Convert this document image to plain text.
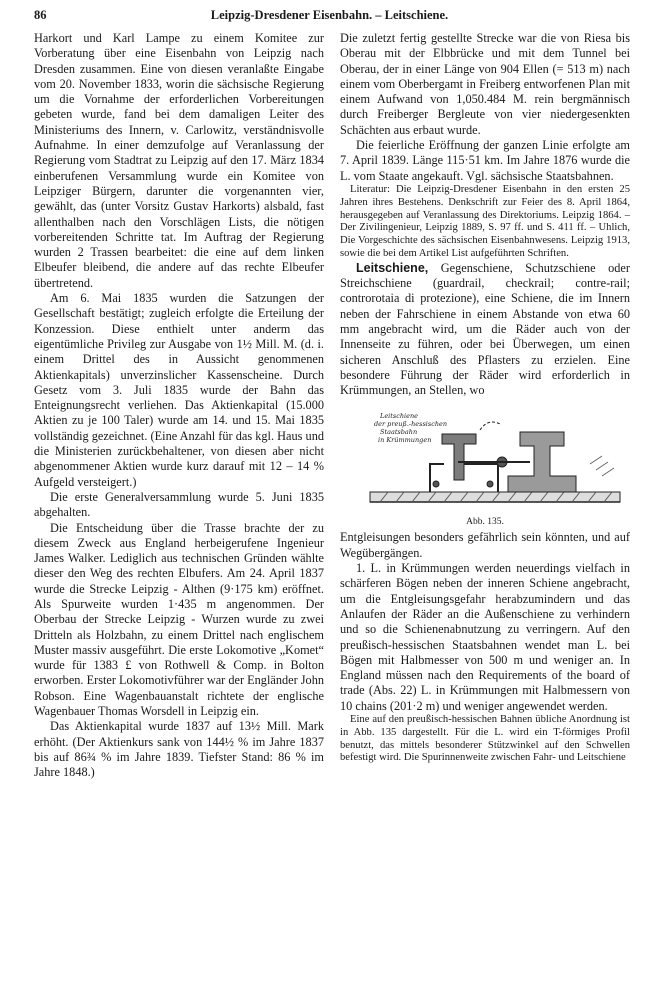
86	Leipzig-Dresdener Eisenbahn. – Leitschiene.

Harkort und Karl Lampe zu einem Komitee zur Vorberatung über eine Eisenbahn von Leipzig nach Dresden zusammen. Eine von diesen veranlaßte Eingabe vom 20. November 1833, worin die sächsische Regierung um die Vornahme der erforderlichen Vorbereitungen gebeten wurde, fand bei dem damaligen Leiter des Ministeriums des Innern, v. Carlowitz, verständnisvolle Aufnahme. In einer demzufolge auf Veranlassung der Regierung vom Stadtrat zu Leipzig auf den 17. März 1834 einberufenen Versammlung wurde ein Komitee von Leipziger Bürgern, darunter die vorgenannten vier, gewählt, das (unter Vorsitz Gustav Harkorts) alsbald, fast allenthalben nach den Vorschlägen Lists, die nötigen vorbereitenden Schritte tat. Im Auftrag der Regierung wurden 2 Trassen bearbeitet: die eine auf dem linken Elbeufer bleibend, die andere auf das rechte Elbeufer übertretend.

Am 6. Mai 1835 wurden die Satzungen der Gesellschaft bestätigt; zugleich erfolgte die Erteilung der Konzession. Diese enthielt unter anderm das eigentümliche Privileg zur Ausgabe von 1½ Mill. M. (d. i. einem Drittel des in Aussicht genommenen Aktienkapitals) unverzinslicher Kassenscheine. Durch Gesetz vom 3. Juli 1835 wurde der Bahn das Enteignungsrecht verliehen. Das Aktienkapital (15.000 Aktien zu je 100 Taler) wurde am 14. und 15. Mai 1835 vollständig gezeichnet. (Eine Anzahl für das kgl. Haus und die Ministerien zurückbehaltener, von diesen aber nicht abgenommener Aktien wurde kurz darauf mit 12 – 14 % Aufgeld versteigert.)

Die erste Generalversammlung wurde 5. Juni 1835 abgehalten.

Die Entscheidung über die Trasse brachte der zu diesem Zweck aus England herbeigerufene Ingenieur James Walker. Lediglich aus technischen Gründen wählte dieser den Weg des rechten Elbufers. Am 24. April 1837 wurde die Strecke Leipzig - Althen (9·175 km) eröffnet. Als Spurweite wurden 1·435 m angenommen. Der Oberbau der Strecke Leipzig - Wurzen wurde zu zwei Dritteln als Holzbahn, zu einem Drittel nach englischem Muster massiv ausgeführt. Die erste Lokomotive „Komet“ wurde für 1383 £ von Rothwell & Comp. in Bolton erworben. Erster Lokomotivführer war der Engländer John Robson. Eine Wagenbauanstalt richtete der englische Wagenbauer Thomas Worsdell in Leipzig ein.

Das Aktienkapital wurde 1837 auf 13½ Mill. Mark erhöht. (Der Aktienkurs sank von 144½ % im Jahre 1837 bis auf 86¾ % im Jahre 1839. Tiefster Stand: 86 % im Jahre 1848.)

Die zuletzt fertig gestellte Strecke war die von Riesa bis Oberau mit der Elbbrücke und mit dem Tunnel bei Oberau, der in einer Länge von 904 Ellen (= 513 m) nach einem vom Oberbergamt in Freiberg entworfenen Plan mit einem Aufwand von 1,050.484 M. rein bergmännisch durch Freiberger Bergleute von vier niedergesenkten Schächten aus erbaut wurde.

Die feierliche Eröffnung der ganzen Linie erfolgte am 7. April 1839. Länge 115·51 km. Im Jahre 1876 wurde die L. vom Staate angekauft. Vgl. sächsische Staatsbahnen.

Literatur: Die Leipzig-Dresdener Eisenbahn in den ersten 25 Jahren ihres Bestehens. Denkschrift zur Feier des 8. April 1864, herausgegeben auf Veranlassung des Direktoriums. Leipzig 1864. – Der Zivilingenieur, Leipzig 1889, S. 97 ff. und S. 411 ff. – Uhlich, Die Vorgeschichte des sächsischen Eisenbahnwesens. Leipzig 1913, sowie die bei dem Artikel List aufgeführten Schriften.

Leitschiene, Gegenschiene, Schutzschiene oder Streichschiene (guardrail, checkrail; contre-rail; controrotaia di protezione), eine Schiene, die im Innern neben der Fahrschiene in einem Abstande von etwa 60 mm angebracht wird, um die Räder auch von der Innenseite zu führen, oder bei Überwegen, um einen sicheren Anschluß des Pflasters zu erzielen. Eine besondere Führung der Räder wird erforderlich in Krümmungen, an Stellen, wo

Leitschiene
der preuß.-hessischen
Staatsbahn
in Krümmungen
Abb. 135.

Entgleisungen besonders gefährlich sein könnten, und auf Wegübergängen.

1. L. in Krümmungen werden neuerdings vielfach in schärferen Bögen neben der inneren Schiene angebracht, um die Entgleisungsgefahr herabzumindern und das Anlaufen der Räder an die Außenschiene zu verhindern und so die Schienenabnutzung zu verringern. Auf den preußisch-hessischen Staatsbahnen wendet man L. bei Bögen mit Halbmesser von 500 m und weniger an. In England müssen nach den Requirements of the board of trade (Abs. 22) L. in Krümmungen mit Halbmessern von 10 chains (201·2 m) und weniger angewendet werden.

Eine auf den preußisch-hessischen Bahnen übliche Anordnung ist in Abb. 135 dargestellt. Für die L. wird ein T-förmiges Profil benutzt, das mittels besonderer Stützwinkel auf den Schwellen befestigt wird. Die Spurinnenweite zwischen Fahr- und Leitschiene
